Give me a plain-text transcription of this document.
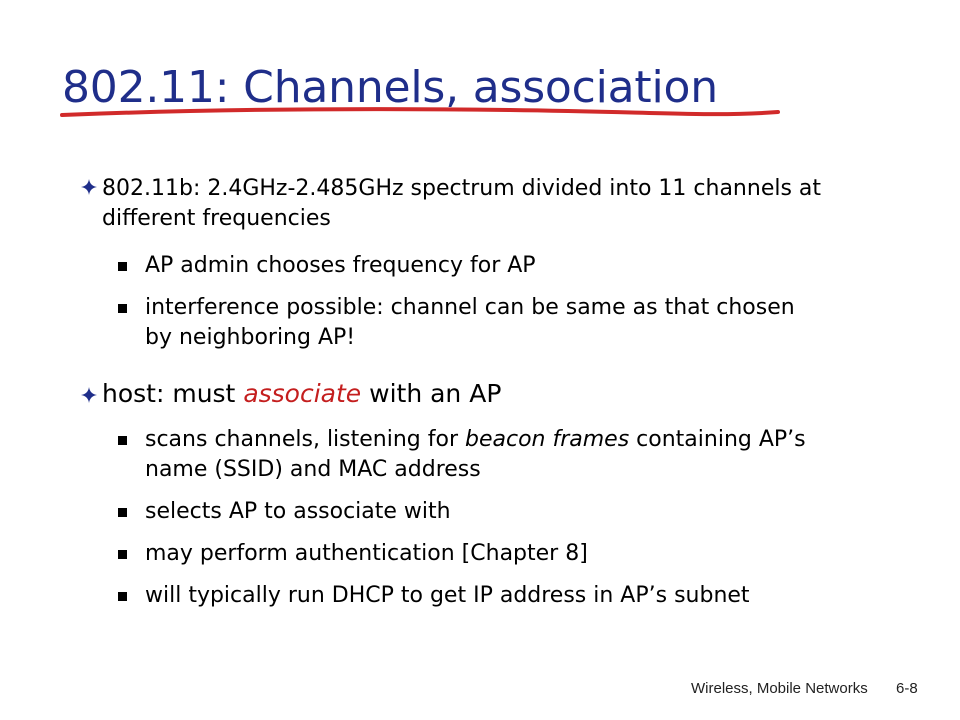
802.11: Channels, association
802.11b: 2.4GHz-2.485GHz spectrum divided into 11 channels at different frequencies
AP admin chooses frequency for AP
interference possible: channel can be same as that chosen by neighboring AP!
host: must associate with an AP
scans channels, listening for beacon frames containing AP’s name (SSID) and MAC address
selects AP to associate with
may perform authentication [Chapter 8]
will typically run DHCP to get IP address in AP’s subnet
Wireless, Mobile Networks 6-8
